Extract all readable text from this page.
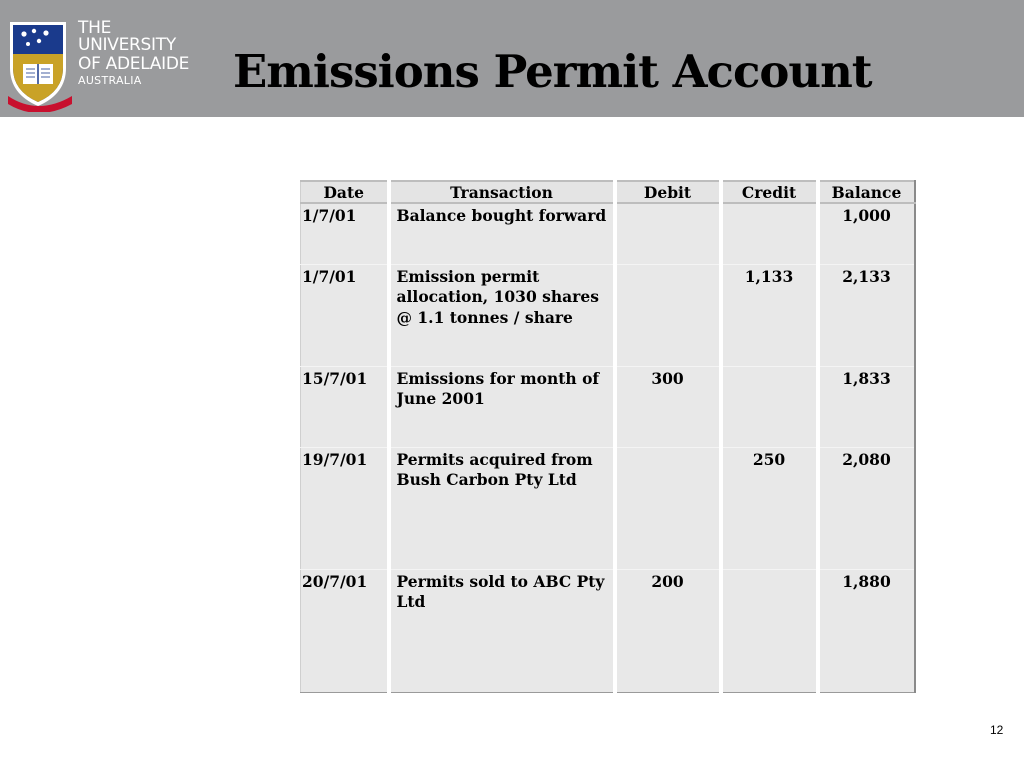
THE UNIVERSITY
OF ADELAIDE
AUSTRALIA	Emissions Permit Account
Date	Transaction	Debit	Credit	Balance
1/7/01	Balance bought forward			1,000
1/7/01	Emission permit allocation, 1030 shares @ 1.1 tonnes / share		1,133	2,133
15/7/01	Emissions for month of June 2001	300		1,833
19/7/01	Permits acquired from Bush Carbon Pty Ltd		250	2,080
20/7/01	Permits sold to ABC Pty Ltd	200		1,880
12
